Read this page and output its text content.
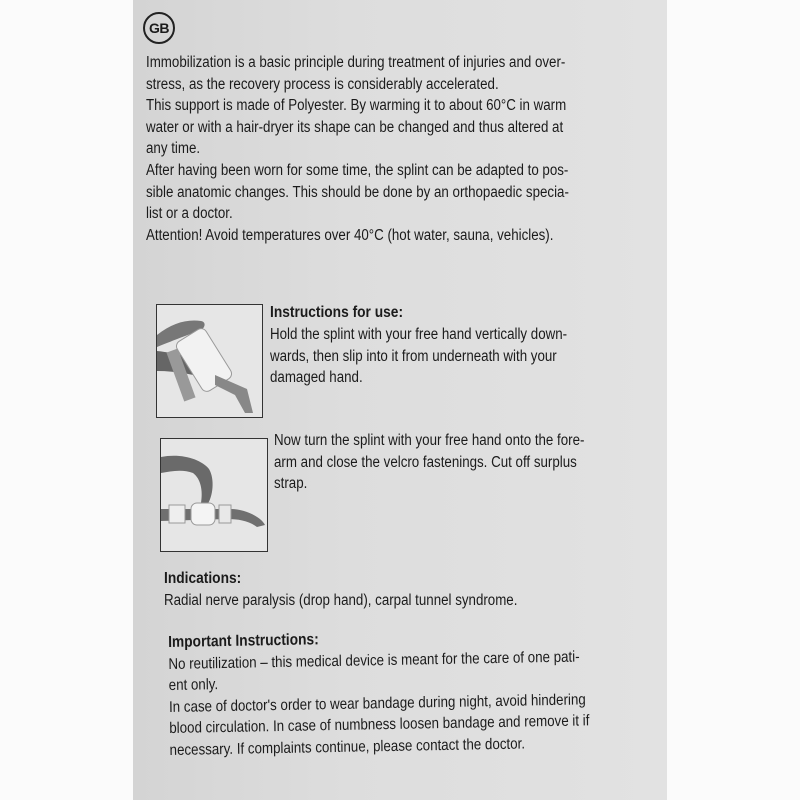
GB
Immobilization is a basic principle during treatment of injuries and over-
stress, as the recovery process is considerably accelerated.
This support is made of Polyester. By warming it to about 60°C in warm
water or with a hair-dryer its shape can be changed and thus altered at
any time.
After having been worn for some time, the splint can be adapted to pos-
sible anatomic changes. This should be done by an orthopaedic specia-
list or a doctor.
Attention! Avoid temperatures over 40°C (hot water, sauna, vehicles).
Instructions for use:
Hold the splint with your free hand vertically down-
wards, then slip into it from underneath with your
damaged hand.
Now turn the splint with your free hand onto the fore-
arm and close the velcro fastenings. Cut off surplus
strap.
Indications:
Radial nerve paralysis (drop hand), carpal tunnel syndrome.
Important Instructions:
No reutilization – this medical device is meant for the care of one pati-
ent only.
In case of doctor's order to wear bandage during night, avoid hindering
blood circulation. In case of numbness loosen bandage and remove it if
necessary. If complaints continue, please contact the doctor.
